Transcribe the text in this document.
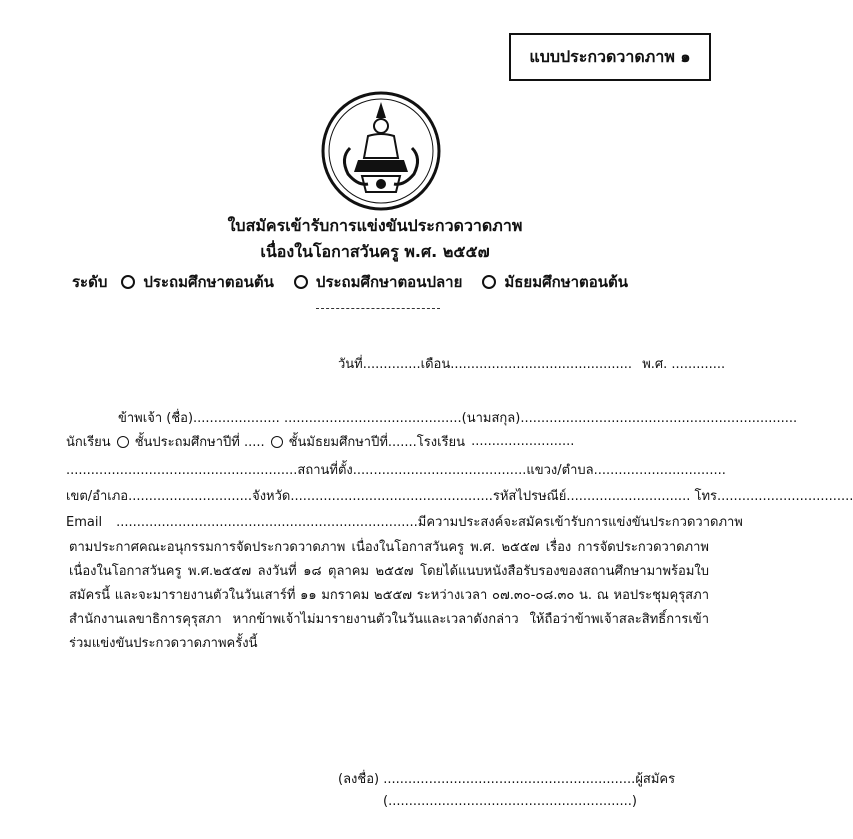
แบบประกวดวาดภาพ ๑
ใบสมัครเข้ารับการแข่งขันประกวดวาดภาพ
เนื่องในโอกาสวันครู พ.ศ. ๒๕๕๗
ระดับ ประถมศึกษาตอนต้น	ประถมศึกษาตอนปลาย	มัธยมศึกษาตอนต้น
วันที่..............เดือน............................................ พ.ศ. .............
ข้าพเจ้า (ชื่อ)..................... ...........................................(นามสกุล)...................................................................
นักเรียน ชั้นประถมศึกษาปีที่ ..... ชั้นมัธยมศึกษาปีที่.......โรงเรียน .........................
........................................................สถานที่ตั้ง..........................................แขวง/ตำบล................................
เขต/อำเภอ..............................จังหวัด.................................................รหัสไปรษณีย์.............................. โทร.................................
Email .........................................................................มีความประสงค์จะสมัครเข้ารับการแข่งขันประกวดวาดภาพ
ตามประกาศคณะอนุกรรมการจัดประกวดวาดภาพ เนื่องในโอกาสวันครู พ.ศ. ๒๕๕๗ เรื่อง การจัดประกวดวาดภาพ เนื่องในโอกาสวันครู พ.ศ.๒๕๕๗ ลงวันที่ ๑๘ ตุลาคม ๒๕๕๗ โดยได้แนบหนังสือรับรองของสถานศึกษามาพร้อมใบสมัครนี้ และจะมารายงานตัวในวันเสาร์ที่ ๑๑ มกราคม ๒๕๕๗ ระหว่างเวลา ๐๗.๓๐-๐๘.๓๐ น. ณ หอประชุมคุรุสภา สำนักงานเลขาธิการคุรุสภา หากข้าพเจ้าไม่มารายงานตัวในวันและเวลาดังกล่าว ให้ถือว่าข้าพเจ้าสละสิทธิ์การเข้าร่วมแข่งขันประกวดวาดภาพครั้งนี้
(ลงชื่อ) .............................................................ผู้สมัคร
(...........................................................)
